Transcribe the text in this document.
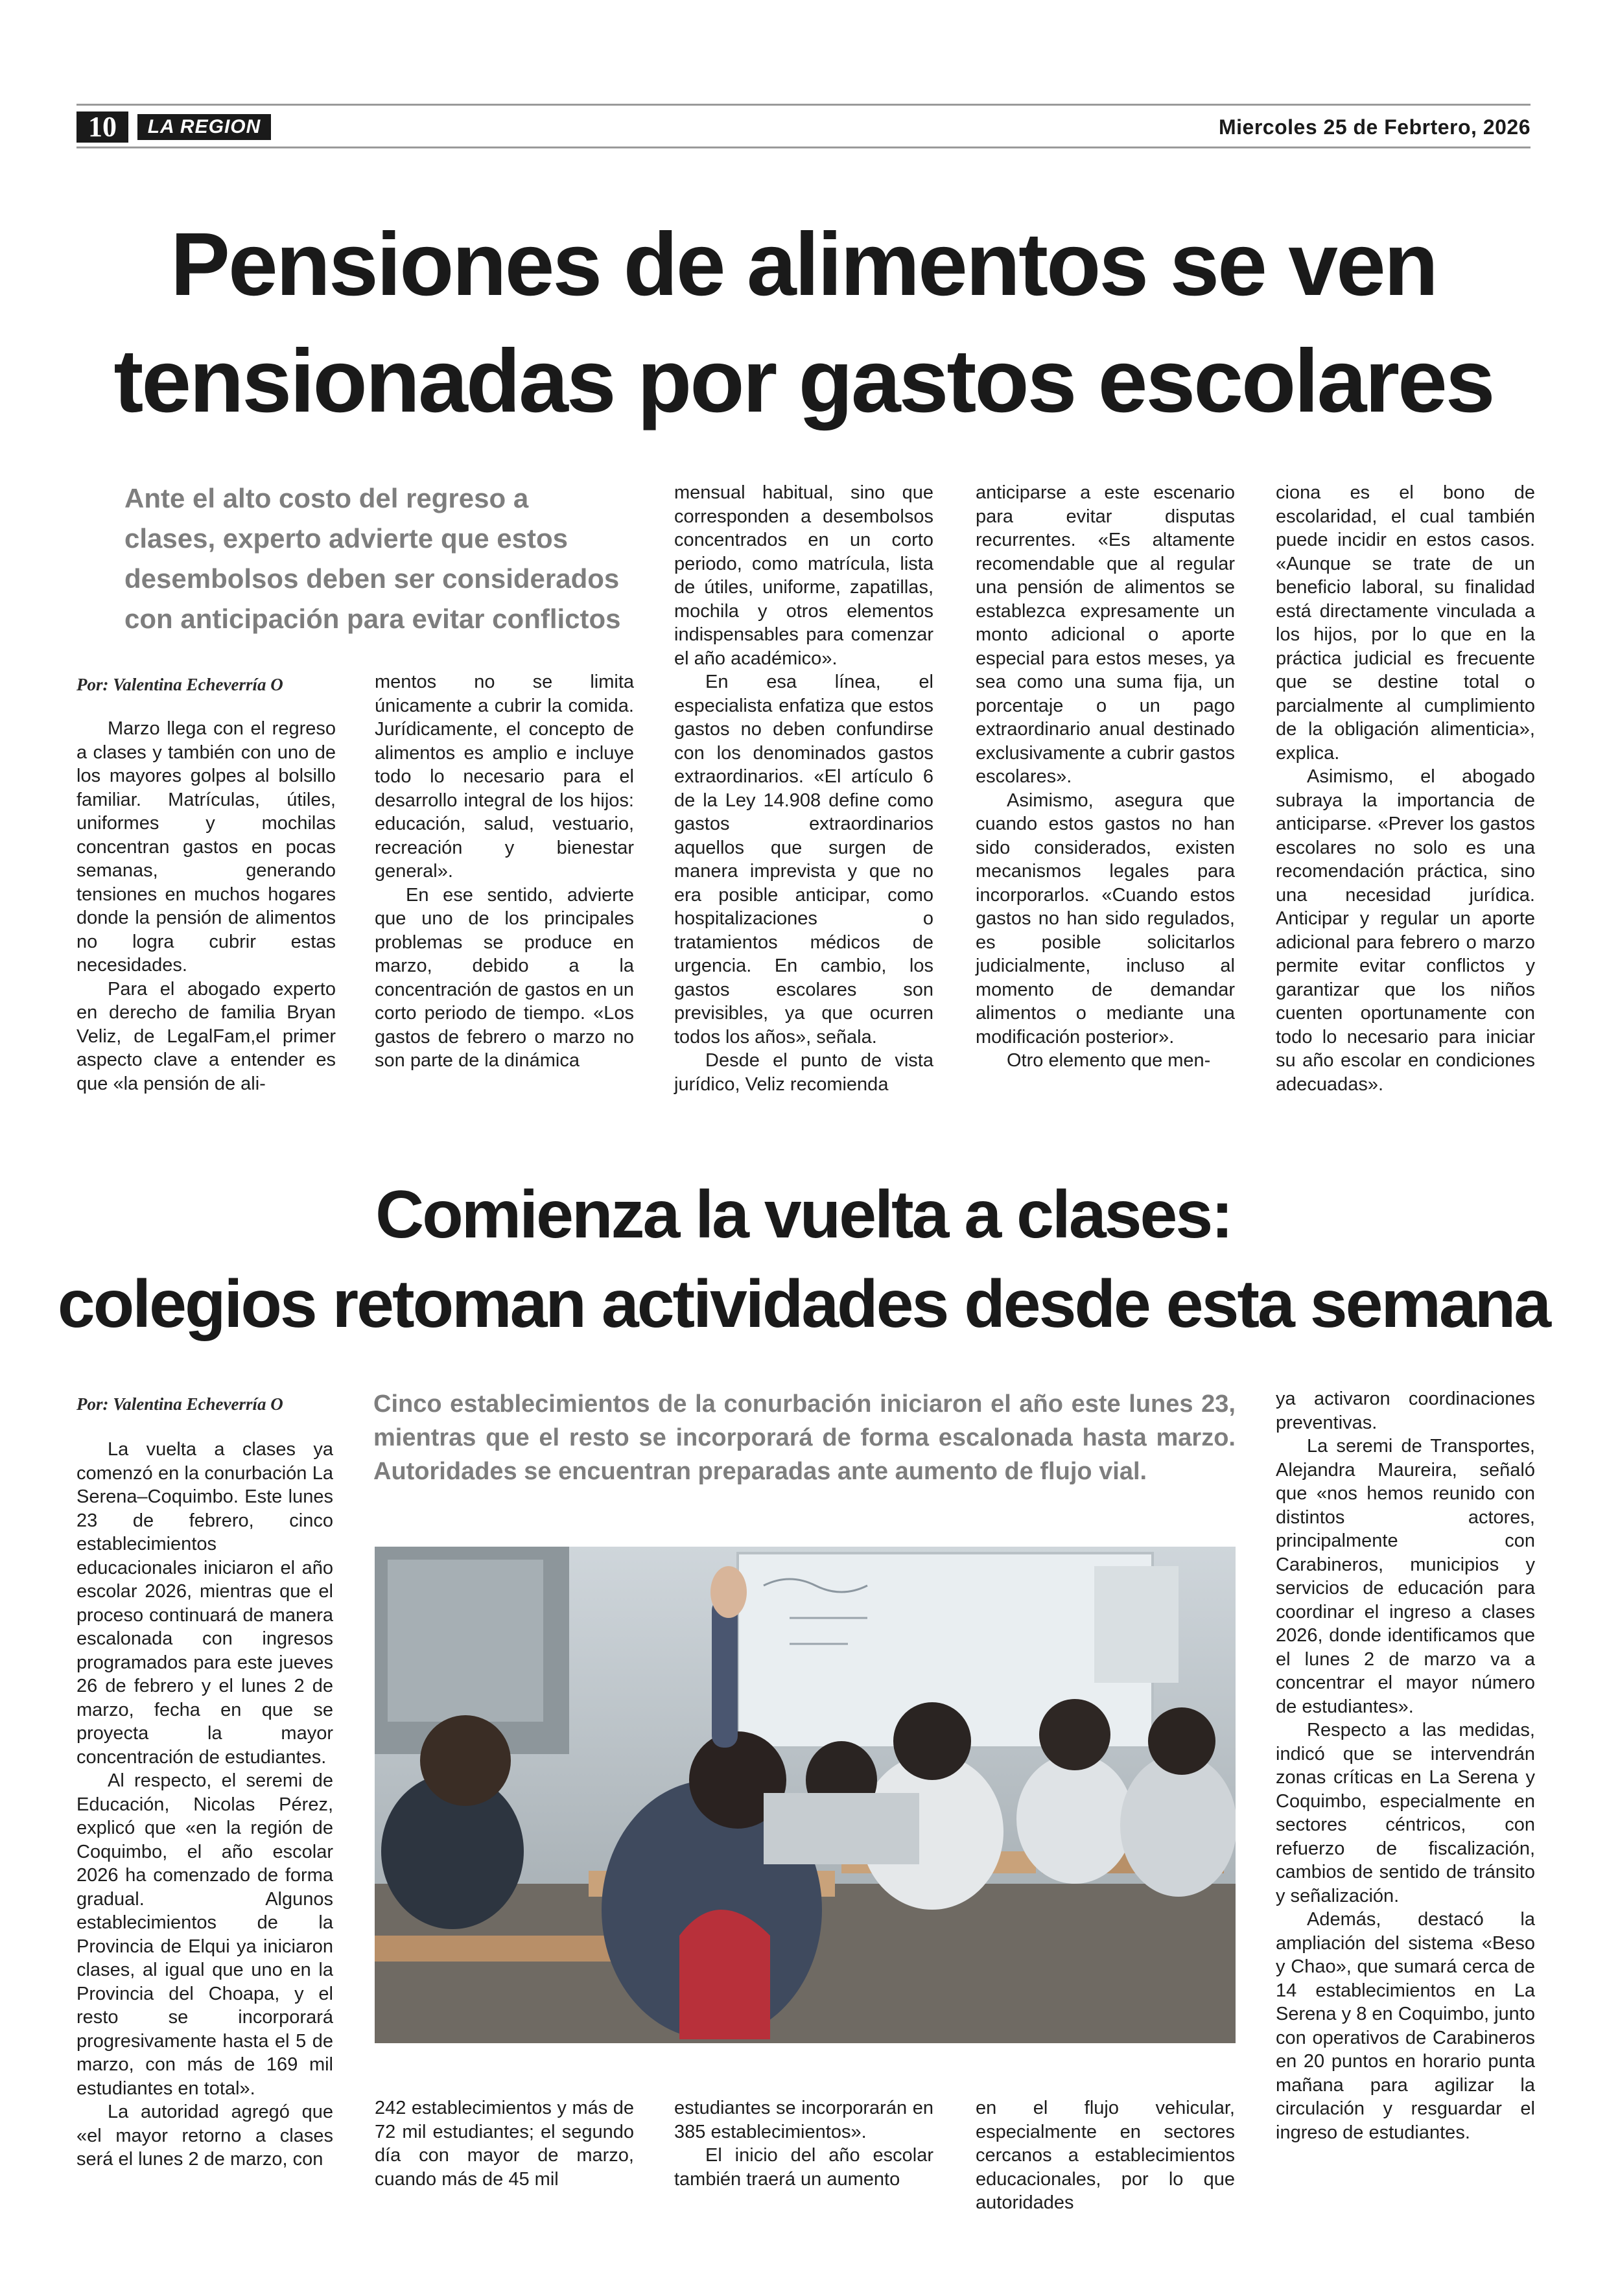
10	LA REGION	Miercoles 25 de Febrtero, 2026
Pensiones de alimentos se ven
tensionadas por gastos escolares
Ante el alto costo del regreso a clases, experto advierte que estos desembolsos deben ser considerados con anticipación para evitar conflictos
Por: Valentina Echeverría O

Marzo llega con el regreso a clases y también con uno de los mayores golpes al bolsillo familiar. Matrículas, útiles, uniformes y mochilas concentran gastos en pocas semanas, generando tensiones en muchos hogares donde la pensión de alimentos no logra cubrir estas necesidades.

Para el abogado experto en derecho de familia Bryan Veliz, de LegalFam,el primer aspecto clave a entender es que «la pensión de ali-

mentos no se limita únicamente a cubrir la comida. Jurídicamente, el concepto de alimentos es amplio e incluye todo lo necesario para el desarrollo integral de los hijos: educación, salud, vestuario, recreación y bienestar general».

En ese sentido, advierte que uno de los principales problemas se produce en marzo, debido a la concentración de gastos en un corto periodo de tiempo. «Los gastos de febrero o marzo no son parte de la dinámica

mensual habitual, sino que corresponden a desembolsos concentrados en un corto periodo, como matrícula, lista de útiles, uniforme, zapatillas, mochila y otros elementos indispensables para comenzar el año académico».

En esa línea, el especialista enfatiza que estos gastos no deben confundirse con los denominados gastos extraordinarios. «El artículo 6 de la Ley 14.908 define como gastos extraordinarios aquellos que surgen de manera imprevista y que no era posible anticipar, como hospitalizaciones o tratamientos médicos de urgencia. En cambio, los gastos escolares son previsibles, ya que ocurren todos los años», señala.

Desde el punto de vista jurídico, Veliz recomienda

anticiparse a este escenario para evitar disputas recurrentes. «Es altamente recomendable que al regular una pensión de alimentos se establezca expresamente un monto adicional o aporte especial para estos meses, ya sea como una suma fija, un porcentaje o un pago extraordinario anual destinado exclusivamente a cubrir gastos escolares».

Asimismo, asegura que cuando estos gastos no han sido considerados, existen mecanismos legales para incorporarlos. «Cuando estos gastos no han sido regulados, es posible solicitarlos judicialmente, incluso al momento de demandar alimentos o mediante una modificación posterior».

Otro elemento que men-

ciona es el bono de escolaridad, el cual también puede incidir en estos casos. «Aunque se trate de un beneficio laboral, su finalidad está directamente vinculada a los hijos, por lo que en la práctica judicial es frecuente que se destine total o parcialmente al cumplimiento de la obligación alimenticia», explica.

Asimismo, el abogado subraya la importancia de anticiparse. «Prever los gastos escolares no solo es una recomendación práctica, sino una necesidad jurídica. Anticipar y regular un aporte adicional para febrero o marzo permite evitar conflictos y garantizar que los niños cuenten oportunamente con todo lo necesario para iniciar su año escolar en condiciones adecuadas».

Comienza la vuelta a clases:
colegios retoman actividades desde esta semana
Por: Valentina Echeverría O	Cinco establecimientos de la conurbación iniciaron el año este lunes 23, mientras que el resto se incorporará de forma escalonada hasta marzo. Autoridades se encuentran preparadas ante aumento de flujo vial.

La vuelta a clases ya comenzó en la conurbación La Serena–Coquimbo. Este lunes 23 de febrero, cinco establecimientos educacionales iniciaron el año escolar 2026, mientras que el proceso continuará de manera escalonada con ingresos programados para este jueves 26 de febrero y el lunes 2 de marzo, fecha en que se proyecta la mayor concentración de estudiantes.

Al respecto, el seremi de Educación, Nicolas Pérez, explicó que «en la región de Coquimbo, el año escolar 2026 ha comenzado de forma gradual. Algunos establecimientos de la Provincia de Elqui ya iniciaron clases, al igual que uno en la Provincia del Choapa, y el resto se incorporará progresivamente hasta el 5 de marzo, con más de 169 mil estudiantes en total».

La autoridad agregó que «el mayor retorno a clases será el lunes 2 de marzo, con

242 establecimientos y más de 72 mil estudiantes; el segundo día con mayor de marzo, cuando más de 45 mil

estudiantes se incorporarán en 385 establecimientos».

El inicio del año escolar también traerá un aumento

en el flujo vehicular, especialmente en sectores cercanos a establecimientos educacionales, por lo que autoridades

ya activaron coordinaciones preventivas.

La seremi de Transportes, Alejandra Maureira, señaló que «nos hemos reunido con distintos actores, principalmente con Carabineros, municipios y servicios de educación para coordinar el ingreso a clases 2026, donde identificamos que el lunes 2 de marzo va a concentrar el mayor número de estudiantes».

Respecto a las medidas, indicó que se intervendrán zonas críticas en La Serena y Coquimbo, especialmente en sectores céntricos, con refuerzo de fiscalización, cambios de sentido de tránsito y señalización.

Además, destacó la ampliación del sistema «Beso y Chao», que sumará cerca de 14 establecimientos en La Serena y 8 en Coquimbo, junto con operativos de Carabineros en 20 puntos en horario punta mañana para agilizar la circulación y resguardar el ingreso de estudiantes.
